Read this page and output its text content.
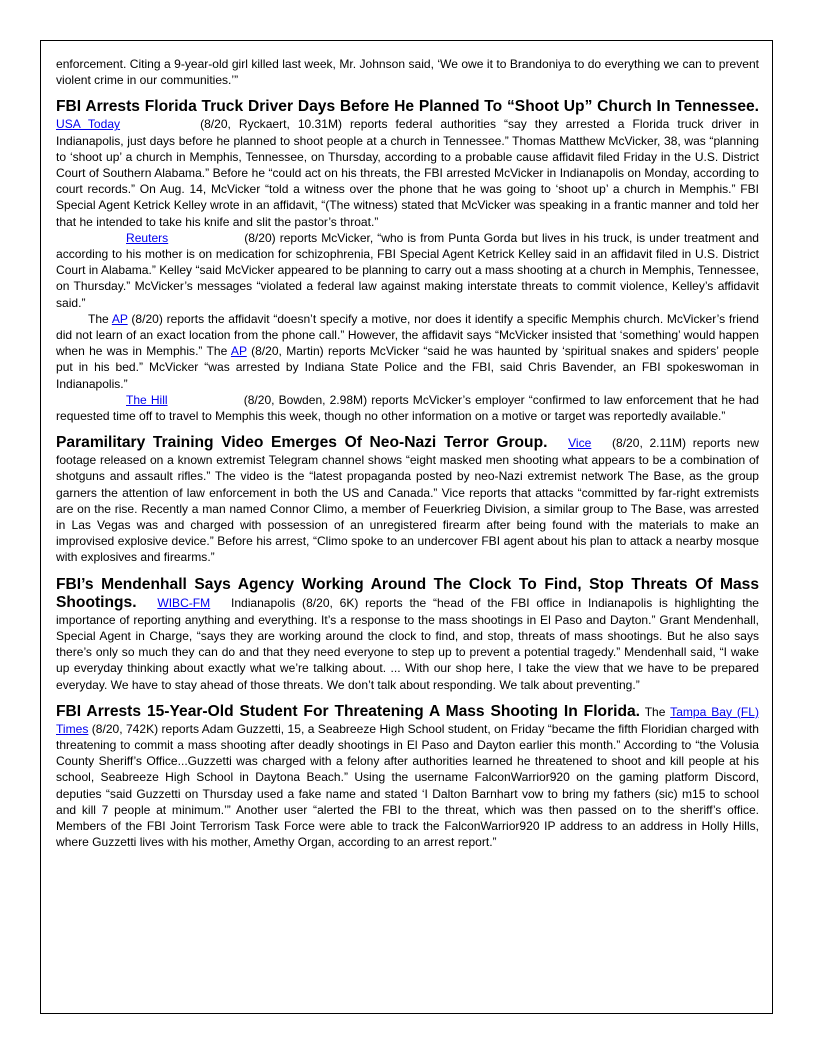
enforcement. Citing a 9-year-old girl killed last week, Mr. Johnson said, ‘We owe it to Brandoniya to do everything we can to prevent violent crime in our communities.’”

FBI Arrests Florida Truck Driver Days Before He Planned To “Shoot Up” Church In Tennessee. USA Today	(8/20, Ryckaert, 10.31M) reports federal authorities “say they arrested a Florida truck driver in Indianapolis, just days before he planned to shoot people at a church in Tennessee.” Thomas Matthew McVicker, 38, was “planning to ‘shoot up’ a church in Memphis, Tennessee, on Thursday, according to a probable cause affidavit filed Friday in the U.S. District Court of Southern Alabama.” Before he “could act on his threats, the FBI arrested McVicker in Indianapolis on Monday, according to court records.” On Aug. 14, McVicker “told a witness over the phone that he was going to ‘shoot up’ a church in Memphis.” FBI Special Agent Ketrick Kelley wrote in an affidavit, “(The witness) stated that McVicker was speaking in a frantic manner and told her that he intended to take his knife and slit the pastor’s throat.”

Reuters	(8/20) reports McVicker, “who is from Punta Gorda but lives in his truck, is under treatment and according to his mother is on medication for schizophrenia, FBI Special Agent Ketrick Kelley said in an affidavit filed in U.S. District Court in Alabama.” Kelley “said McVicker appeared to be planning to carry out a mass shooting at a church in Memphis, Tennessee, on Thursday.” McVicker’s messages “violated a federal law against making interstate threats to commit violence, Kelley’s affidavit said.”

The AP (8/20) reports the affidavit “doesn’t specify a motive, nor does it identify a specific Memphis church. McVicker’s friend did not learn of an exact location from the phone call.” However, the affidavit says “McVicker insisted that ‘something’ would happen when he was in Memphis.” The AP (8/20, Martin) reports McVicker “said he was haunted by ‘spiritual snakes and spiders’ people put in his bed.” McVicker “was arrested by Indiana State Police and the FBI, said Chris Bavender, an FBI spokeswoman in Indianapolis.”

The Hill	(8/20, Bowden, 2.98M) reports McVicker’s employer “confirmed to law enforcement that he had requested time off to travel to Memphis this week, though no other information on a motive or target was reportedly available.”

Paramilitary Training Video Emerges Of Neo-Nazi Terror Group. Vice (8/20, 2.11M) reports new footage released on a known extremist Telegram channel shows “eight masked men shooting what appears to be a combination of shotguns and assault rifles.” The video is the “latest propaganda posted by neo-Nazi extremist network The Base, as the group garners the attention of law enforcement in both the US and Canada.” Vice reports that attacks “committed by far-right extremists are on the rise. Recently a man named Connor Climo, a member of Feuerkrieg Division, a similar group to The Base, was arrested in Las Vegas was and charged with possession of an unregistered firearm after being found with the materials to make an improvised explosive device.” Before his arrest, “Climo spoke to an undercover FBI agent about his plan to attack a nearby mosque with explosives and firearms.”

FBI’s Mendenhall Says Agency Working Around The Clock To Find, Stop Threats Of Mass Shootings. WIBC-FM Indianapolis (8/20, 6K) reports the “head of the FBI office in Indianapolis is highlighting the importance of reporting anything and everything. It’s a response to the mass shootings in El Paso and Dayton.” Grant Mendenhall, Special Agent in Charge, “says they are working around the clock to find, and stop, threats of mass shootings. But he also says there’s only so much they can do and that they need everyone to step up to prevent a potential tragedy.” Mendenhall said, “I wake up everyday thinking about exactly what we’re talking about. ... With our shop here, I take the view that we have to be prepared everyday. We have to stay ahead of those threats. We don’t talk about responding. We talk about preventing.”

FBI Arrests 15-Year-Old Student For Threatening A Mass Shooting In Florida. The Tampa Bay (FL) Times (8/20, 742K) reports Adam Guzzetti, 15, a Seabreeze High School student, on Friday “became the fifth Floridian charged with threatening to commit a mass shooting after deadly shootings in El Paso and Dayton earlier this month.” According to “the Volusia County Sheriff’s Office...Guzzetti was charged with a felony after authorities learned he threatened to shoot and kill people at his school, Seabreeze High School in Daytona Beach.” Using the username FalconWarrior920 on the gaming platform Discord, deputies “said Guzzetti on Thursday used a fake name and stated ‘I Dalton Barnhart vow to bring my fathers (sic) m15 to school and kill 7 people at minimum.’” Another user “alerted the FBI to the threat, which was then passed on to the sheriff’s office. Members of the FBI Joint Terrorism Task Force were able to track the FalconWarrior920 IP address to an address in Holly Hills, where Guzzetti lives with his mother, Amethy Organ, according to an arrest report.”
